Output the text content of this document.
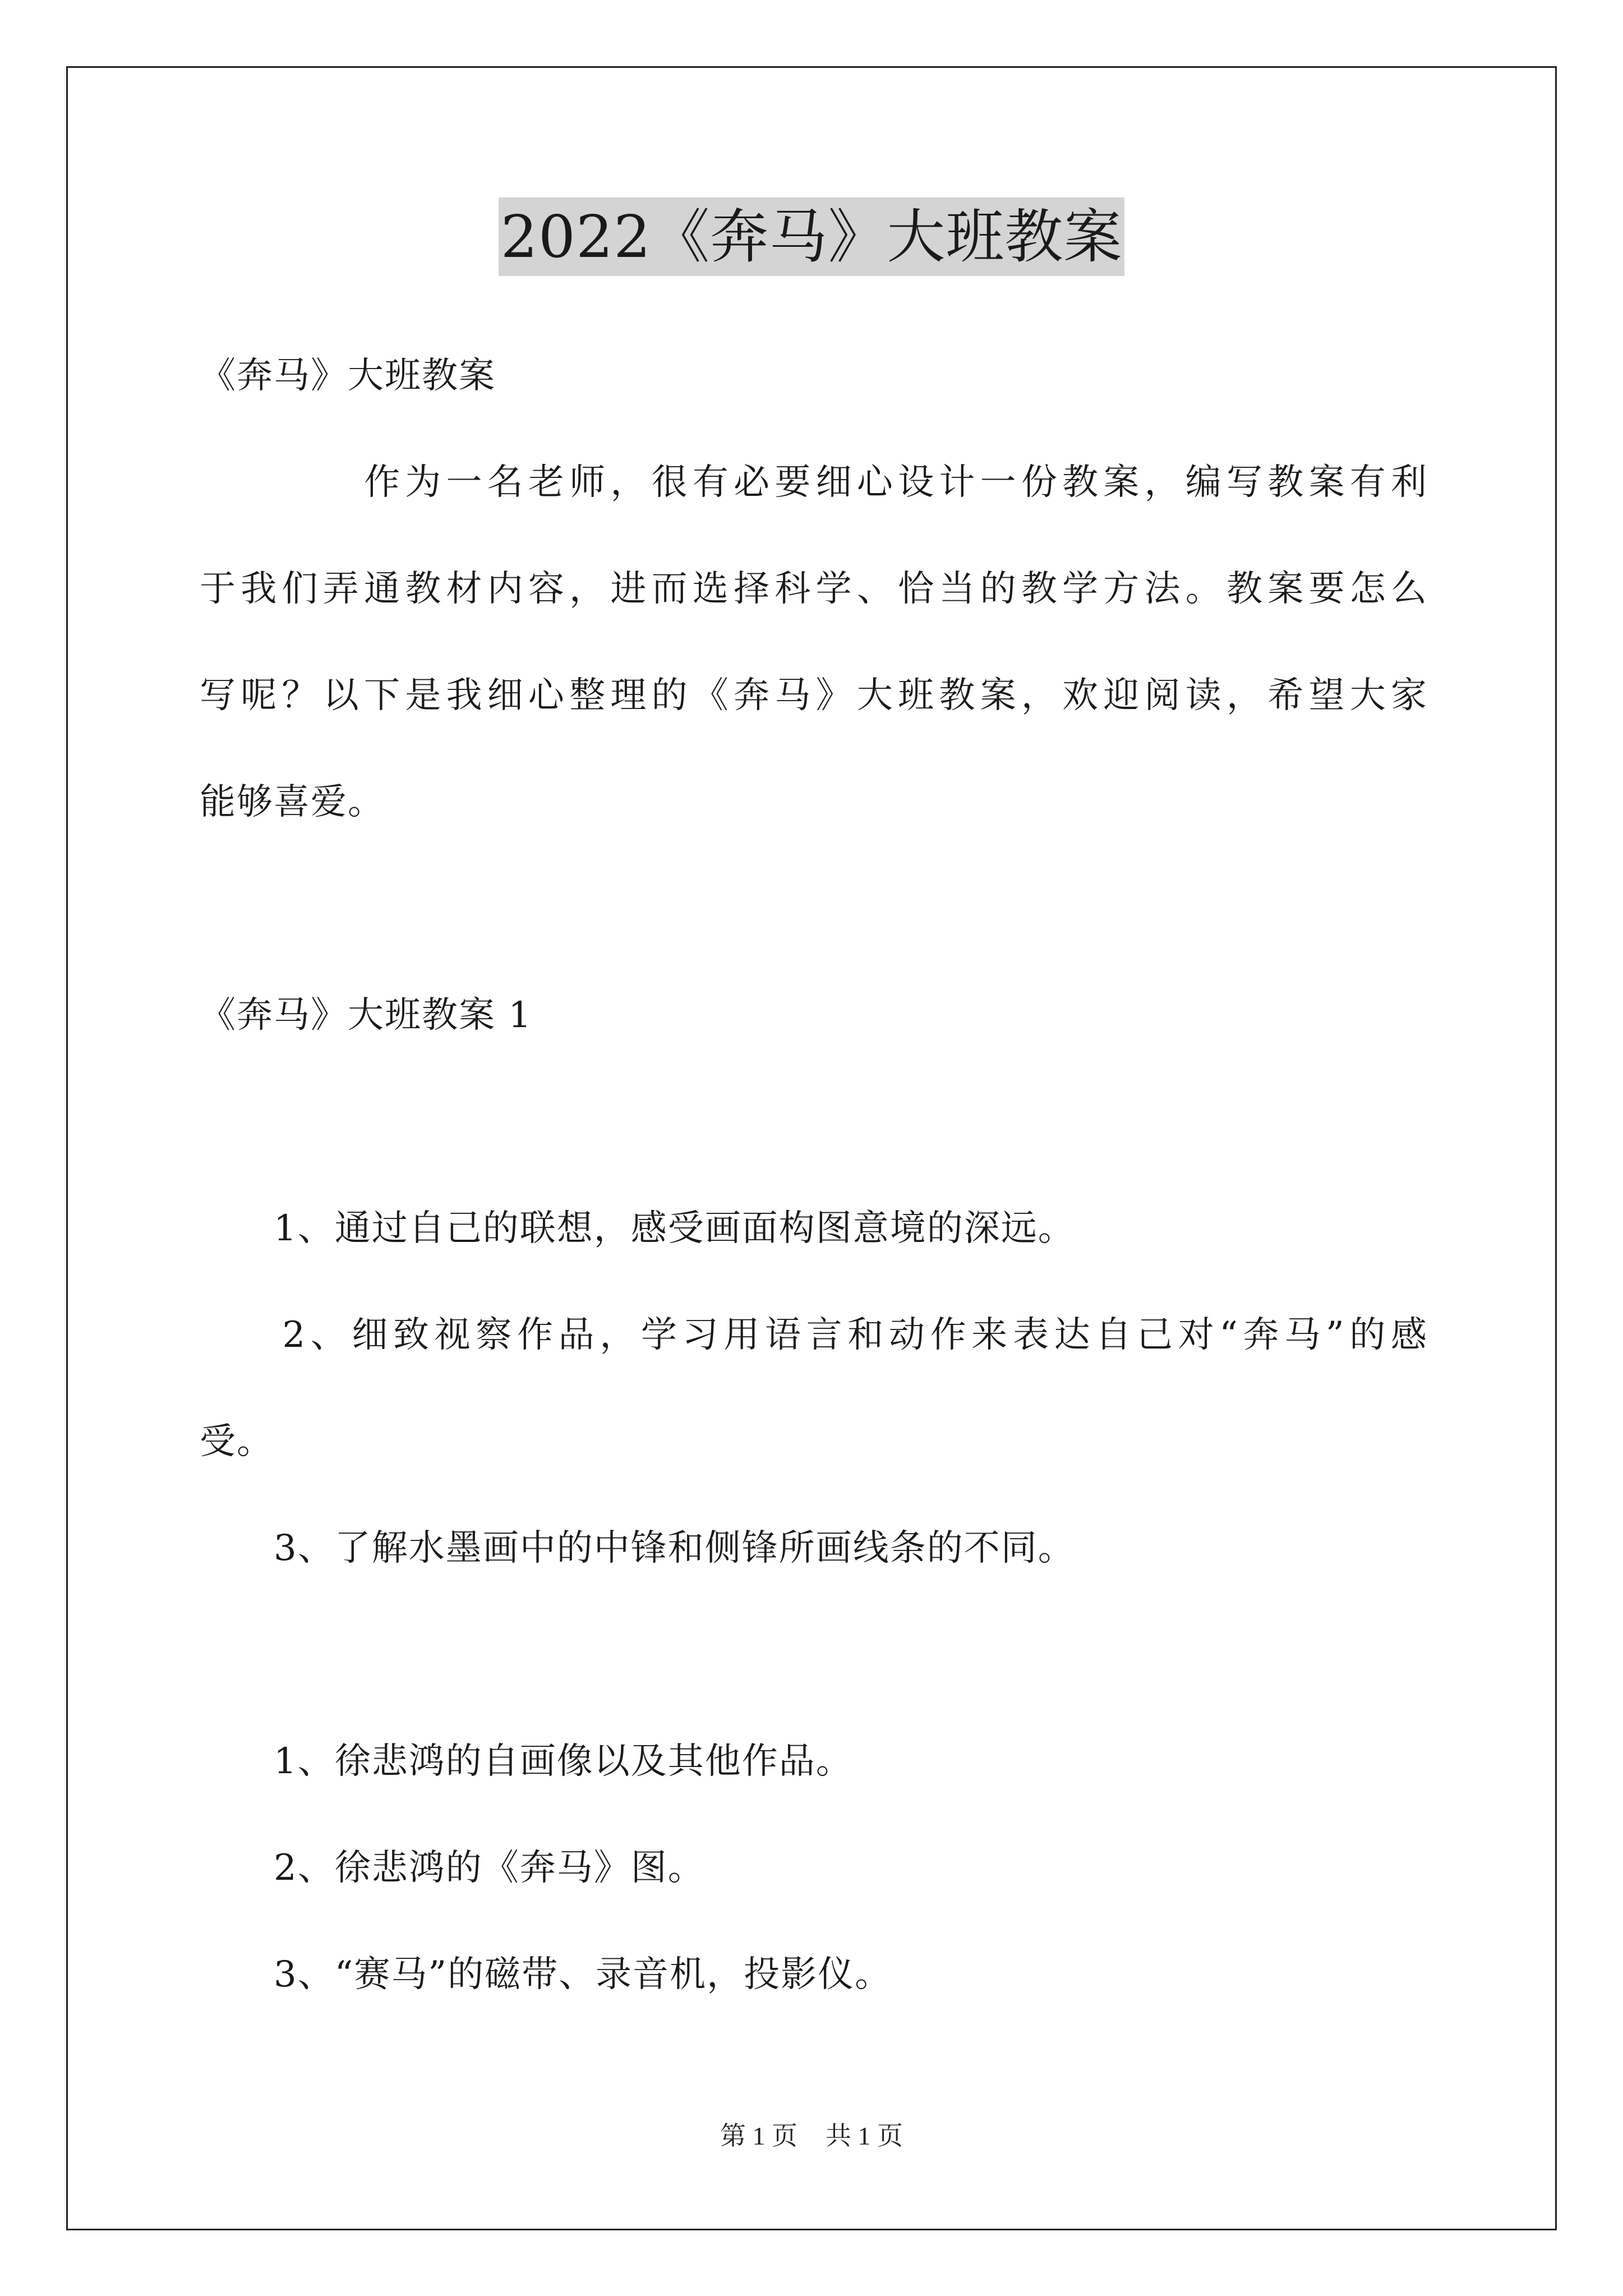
2022《奔马》大班教案
《奔马》大班教案
　　　　作为一名老师，很有必要细心设计一份教案，编写教案有利
于我们弄通教材内容，进而选择科学、恰当的教学方法。教案要怎么
写呢？以下是我细心整理的《奔马》大班教案，欢迎阅读，希望大家
能够喜爱。
《奔马》大班教案 1
　　1、通过自己的联想，感受画面构图意境的深远。
　　2、细致视察作品，学习用语言和动作来表达自己对“奔马”的感
受。
　　3、了解水墨画中的中锋和侧锋所画线条的不同。
　　1、徐悲鸿的自画像以及其他作品。
　　2、徐悲鸿的《奔马》图。
　　3、“赛马”的磁带、录音机，投影仪。
第 1 页 共 1 页
